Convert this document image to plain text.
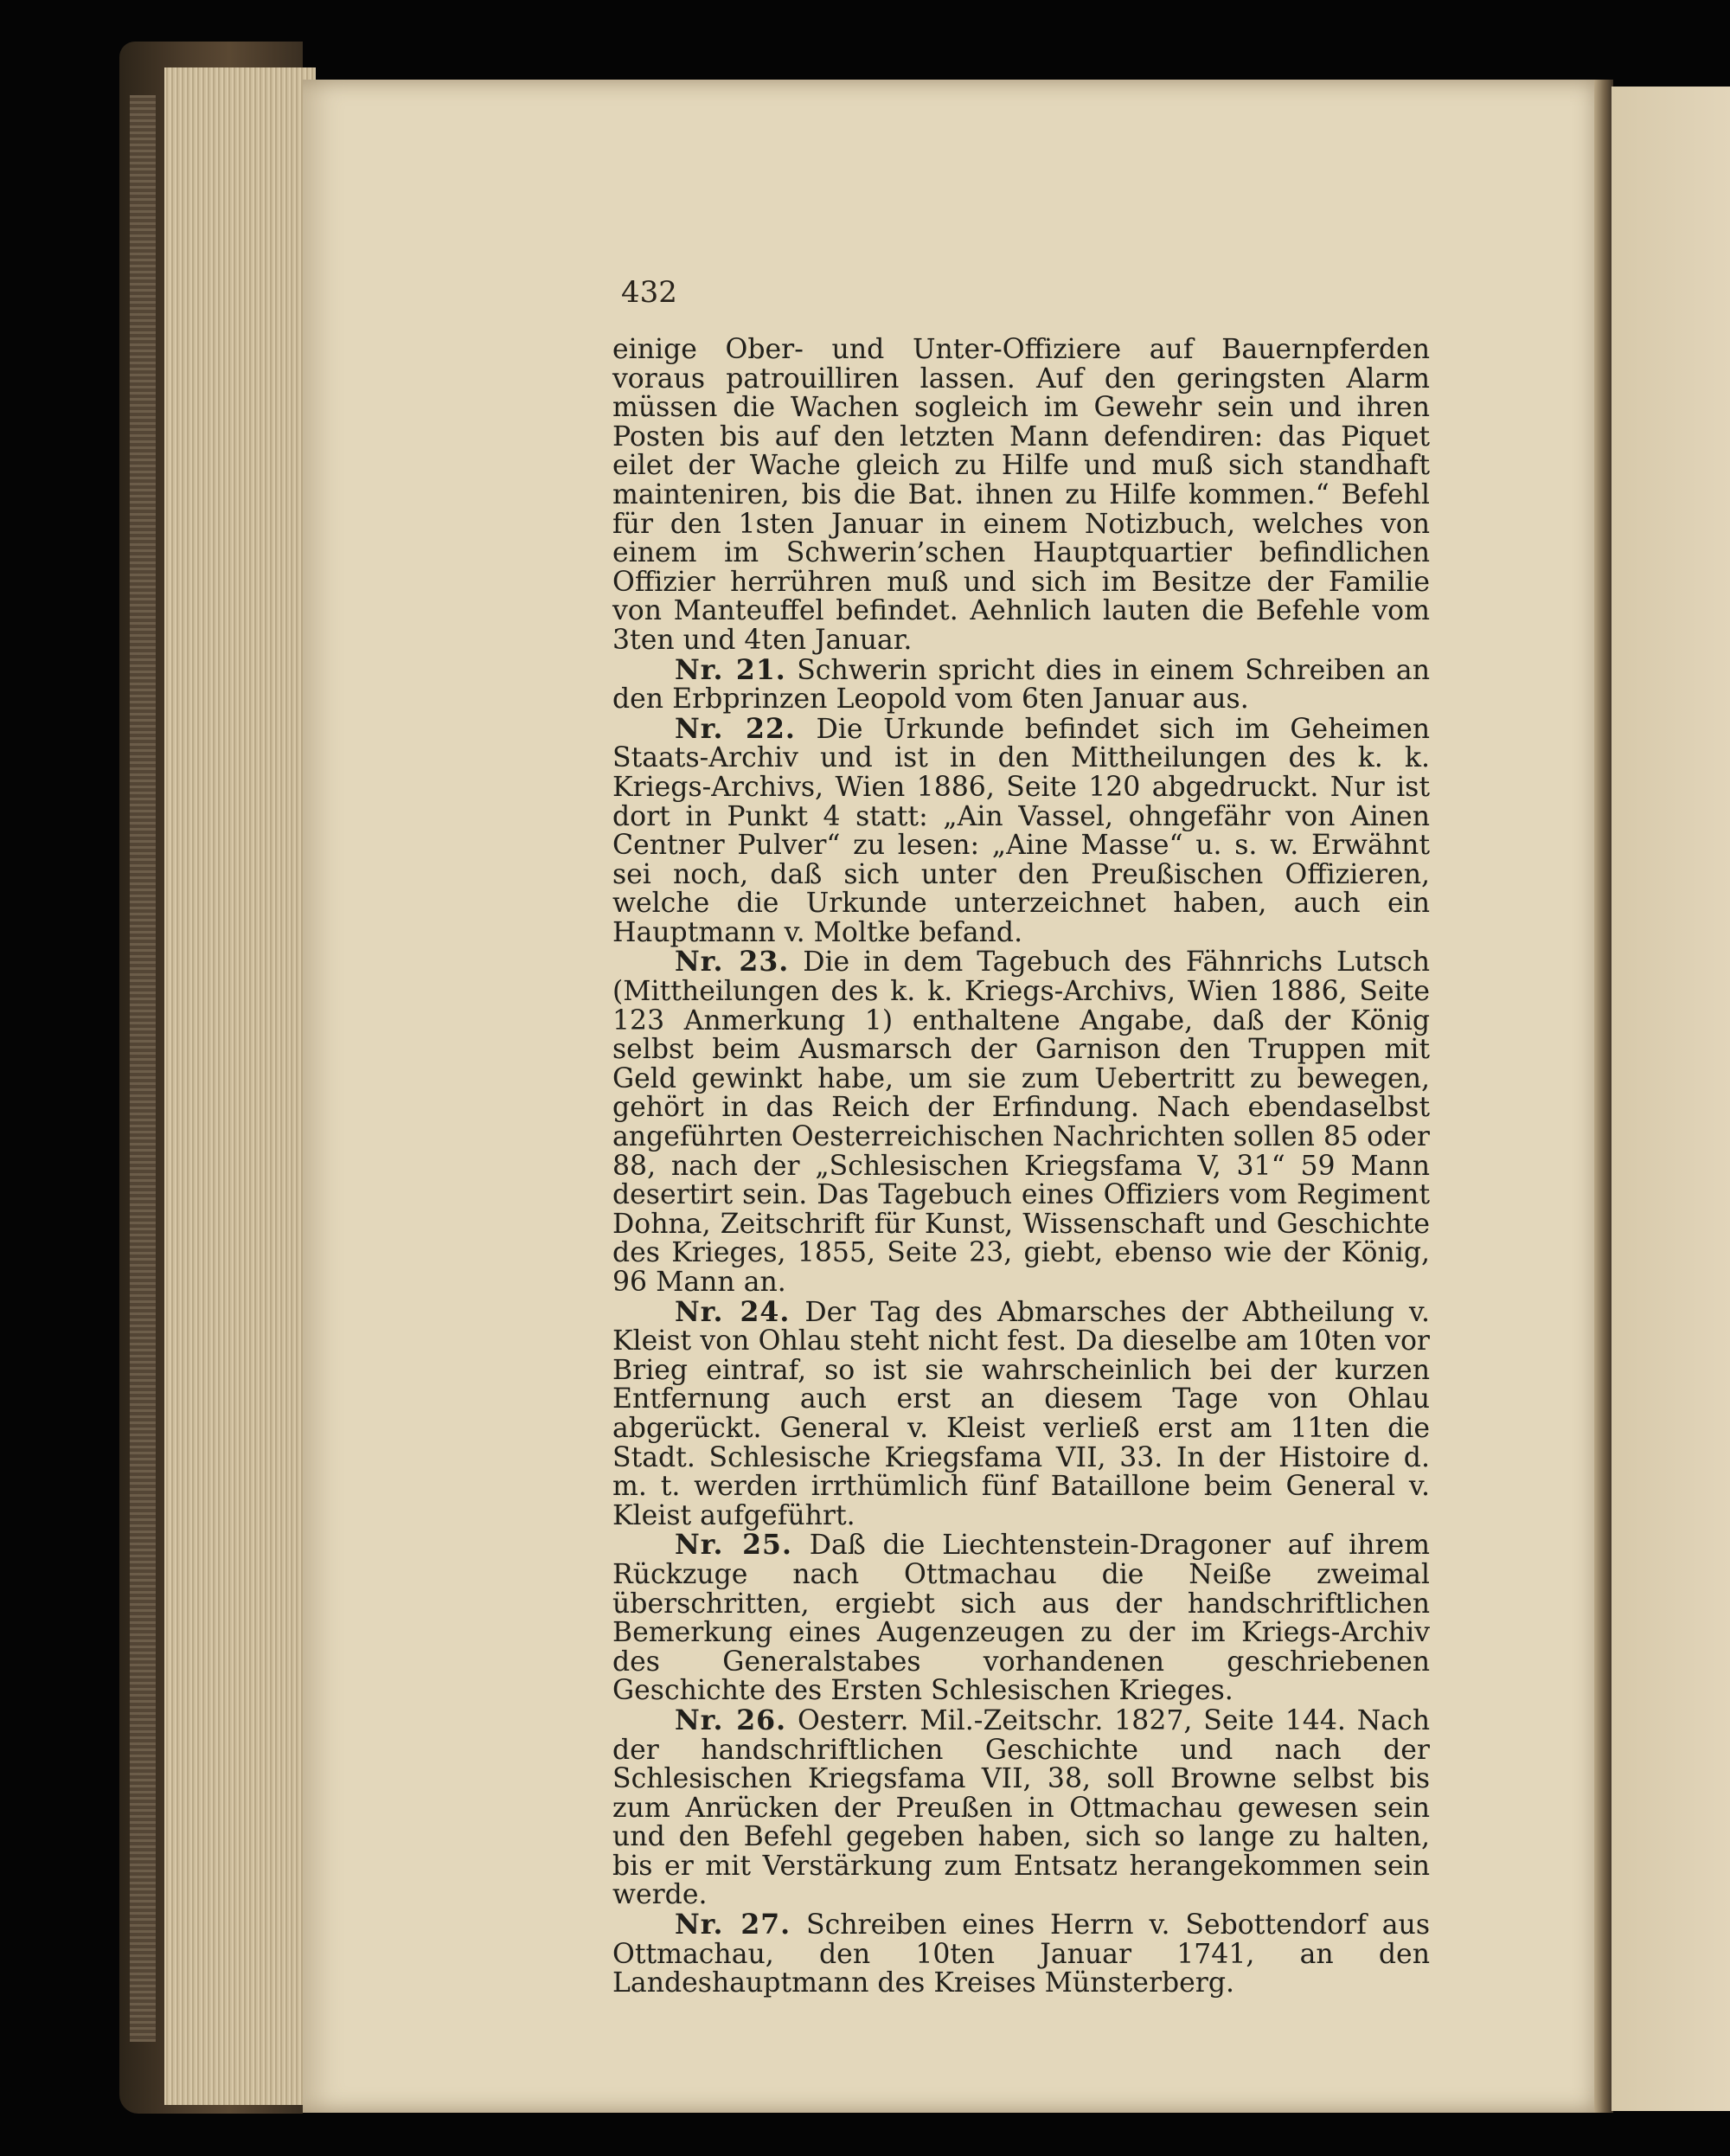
432

einige Ober- und Unter-Offiziere auf Bauernpferden voraus patrouilliren lassen. Auf den geringsten Alarm müssen die Wachen sogleich im Gewehr sein und ihren Posten bis auf den letzten Mann defendiren: das Piquet eilet der Wache gleich zu Hilfe und muß sich standhaft mainteniren, bis die Bat. ihnen zu Hilfe kommen.“ Befehl für den 1sten Januar in einem Notizbuch, welches von einem im Schwerin’schen Hauptquartier befindlichen Offizier herrühren muß und sich im Besitze der Familie von Manteuffel befindet. Aehnlich lauten die Befehle vom 3ten und 4ten Januar.

Nr. 21. Schwerin spricht dies in einem Schreiben an den Erbprinzen Leopold vom 6ten Januar aus.

Nr. 22. Die Urkunde befindet sich im Geheimen Staats-Archiv und ist in den Mittheilungen des k. k. Kriegs-Archivs, Wien 1886, Seite 120 abgedruckt. Nur ist dort in Punkt 4 statt: „Ain Vassel, ohngefähr von Ainen Centner Pulver“ zu lesen: „Aine Masse“ u. s. w. Erwähnt sei noch, daß sich unter den Preußischen Offizieren, welche die Urkunde unterzeichnet haben, auch ein Hauptmann v. Moltke befand.

Nr. 23. Die in dem Tagebuch des Fähnrichs Lutsch (Mittheilungen des k. k. Kriegs-Archivs, Wien 1886, Seite 123 Anmerkung 1) enthaltene Angabe, daß der König selbst beim Ausmarsch der Garnison den Truppen mit Geld gewinkt habe, um sie zum Uebertritt zu bewegen, gehört in das Reich der Erfindung. Nach ebendaselbst angeführten Oesterreichischen Nachrichten sollen 85 oder 88, nach der „Schlesischen Kriegsfama V, 31“ 59 Mann desertirt sein. Das Tagebuch eines Offiziers vom Regiment Dohna, Zeitschrift für Kunst, Wissenschaft und Geschichte des Krieges, 1855, Seite 23, giebt, ebenso wie der König, 96 Mann an.

Nr. 24. Der Tag des Abmarsches der Abtheilung v. Kleist von Ohlau steht nicht fest. Da dieselbe am 10ten vor Brieg eintraf, so ist sie wahrscheinlich bei der kurzen Entfernung auch erst an diesem Tage von Ohlau abgerückt. General v. Kleist verließ erst am 11ten die Stadt. Schlesische Kriegsfama VII, 33. In der Histoire d. m. t. werden irrthümlich fünf Bataillone beim General v. Kleist aufgeführt.

Nr. 25. Daß die Liechtenstein-Dragoner auf ihrem Rückzuge nach Ottmachau die Neiße zweimal überschritten, ergiebt sich aus der handschriftlichen Bemerkung eines Augenzeugen zu der im Kriegs-Archiv des Generalstabes vorhandenen geschriebenen Geschichte des Ersten Schlesischen Krieges.

Nr. 26. Oesterr. Mil.-Zeitschr. 1827, Seite 144. Nach der handschriftlichen Geschichte und nach der Schlesischen Kriegsfama VII, 38, soll Browne selbst bis zum Anrücken der Preußen in Ottmachau gewesen sein und den Befehl gegeben haben, sich so lange zu halten, bis er mit Verstärkung zum Entsatz herangekommen sein werde.

Nr. 27. Schreiben eines Herrn v. Sebottendorf aus Ottmachau, den 10ten Januar 1741, an den Landeshauptmann des Kreises Münsterberg.
